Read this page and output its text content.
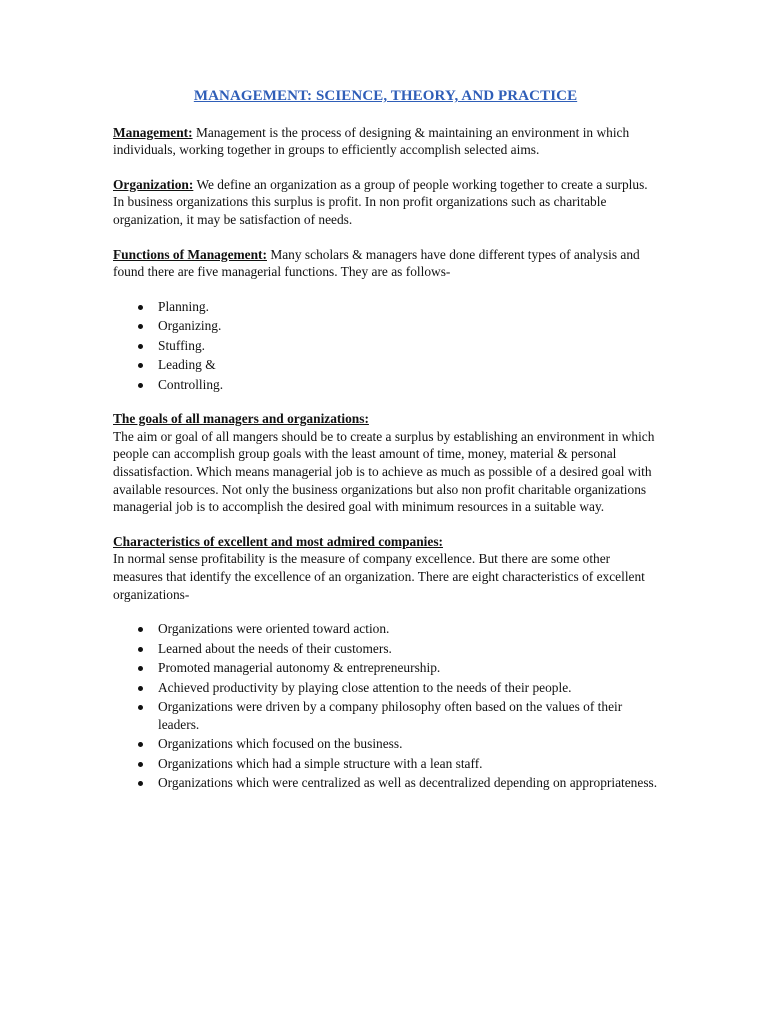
MANAGEMENT: SCIENCE, THEORY, AND PRACTICE

Management: Management is the process of designing & maintaining an environment in which individuals, working together in groups to efficiently accomplish selected aims.

Organization: We define an organization as a group of people working together to create a surplus. In business organizations this surplus is profit. In non profit organizations such as charitable organization, it may be satisfaction of needs.

Functions of Management: Many scholars & managers have done different types of analysis and found there are five managerial functions. They are as follows-

Planning.
Organizing.
Stuffing.
Leading &
Controlling.

The goals of all managers and organizations:
The aim or goal of all mangers should be to create a surplus by establishing an environment in which people can accomplish group goals with the least amount of time, money, material & personal dissatisfaction. Which means managerial job is to achieve as much as possible of a desired goal with available resources. Not only the business organizations but also non profit charitable organizations managerial job is to accomplish the desired goal with minimum resources in a suitable way.

Characteristics of excellent and most admired companies:
In normal sense profitability is the measure of company excellence. But there are some other measures that identify the excellence of an organization. There are eight characteristics of excellent organizations-

Organizations were oriented toward action.
Learned about the needs of their customers.
Promoted managerial autonomy & entrepreneurship.
Achieved productivity by playing close attention to the needs of their people.
Organizations were driven by a company philosophy often based on the values of their leaders.
Organizations which focused on the business.
Organizations which had a simple structure with a lean staff.
Organizations which were centralized as well as decentralized depending on appropriateness.
